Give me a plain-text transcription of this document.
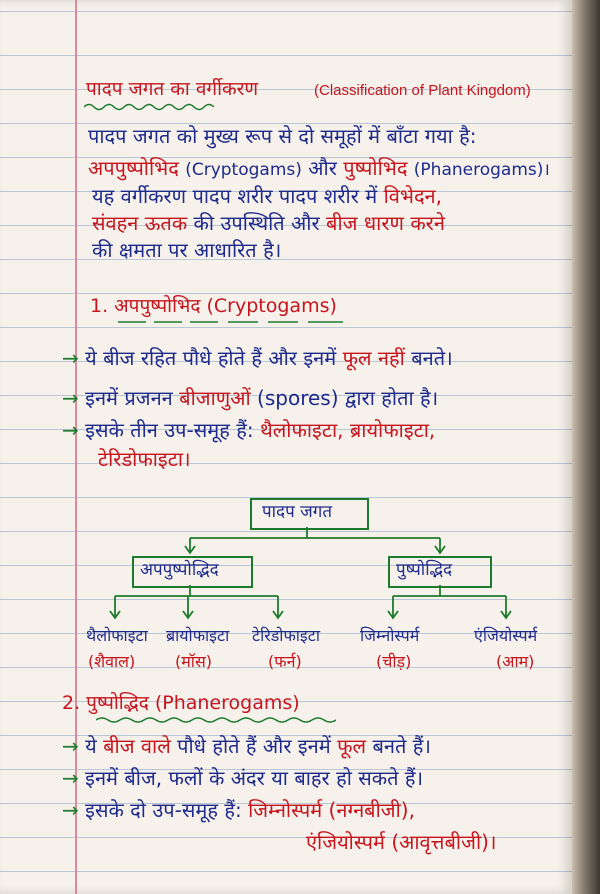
पादप जगत का वर्गीकरण	(Classification of Plant Kingdom)
पादप जगत को मुख्य रूप से दो समूहों में बाँटा गया है:
अपपुष्पोभिद (Cryptogams) और पुष्पोभिद (Phanerogams)।
यह वर्गीकरण पादप शरीर पादप शरीर में विभेदन,
संवहन ऊतक की उपस्थिति और बीज धारण करने
की क्षमता पर आधारित है।
1. अपपुष्पोभिद (Cryptogams)
→ ये बीज रहित पौधे होते हैं और इनमें फूल नहीं बनते।
→ इनमें प्रजनन बीजाणुओं (spores) द्वारा होता है।
→ इसके तीन उप-समूह हैं: थैलोफाइटा, ब्रायोफाइटा,
टेरिडोफाइटा।
पादप जगत
अपपुष्पोद्भिद	पुष्पोद्भिद
थैलोफाइटा
(शैवाल)
ब्रायोफाइटा
(मॉस)
टेरिडोफाइटा
(फर्न)
जिम्नोस्पर्म
(चीड़)
एंजियोस्पर्म
(आम)
2. पुष्पोद्भिद (Phanerogams)
→ ये बीज वाले पौधे होते हैं और इनमें फूल बनते हैं।
→ इनमें बीज, फलों के अंदर या बाहर हो सकते हैं।
→ इसके दो उप-समूह हैं: जिम्नोस्पर्म (नग्नबीजी),
एंजियोस्पर्म (आवृत्तबीजी)।
